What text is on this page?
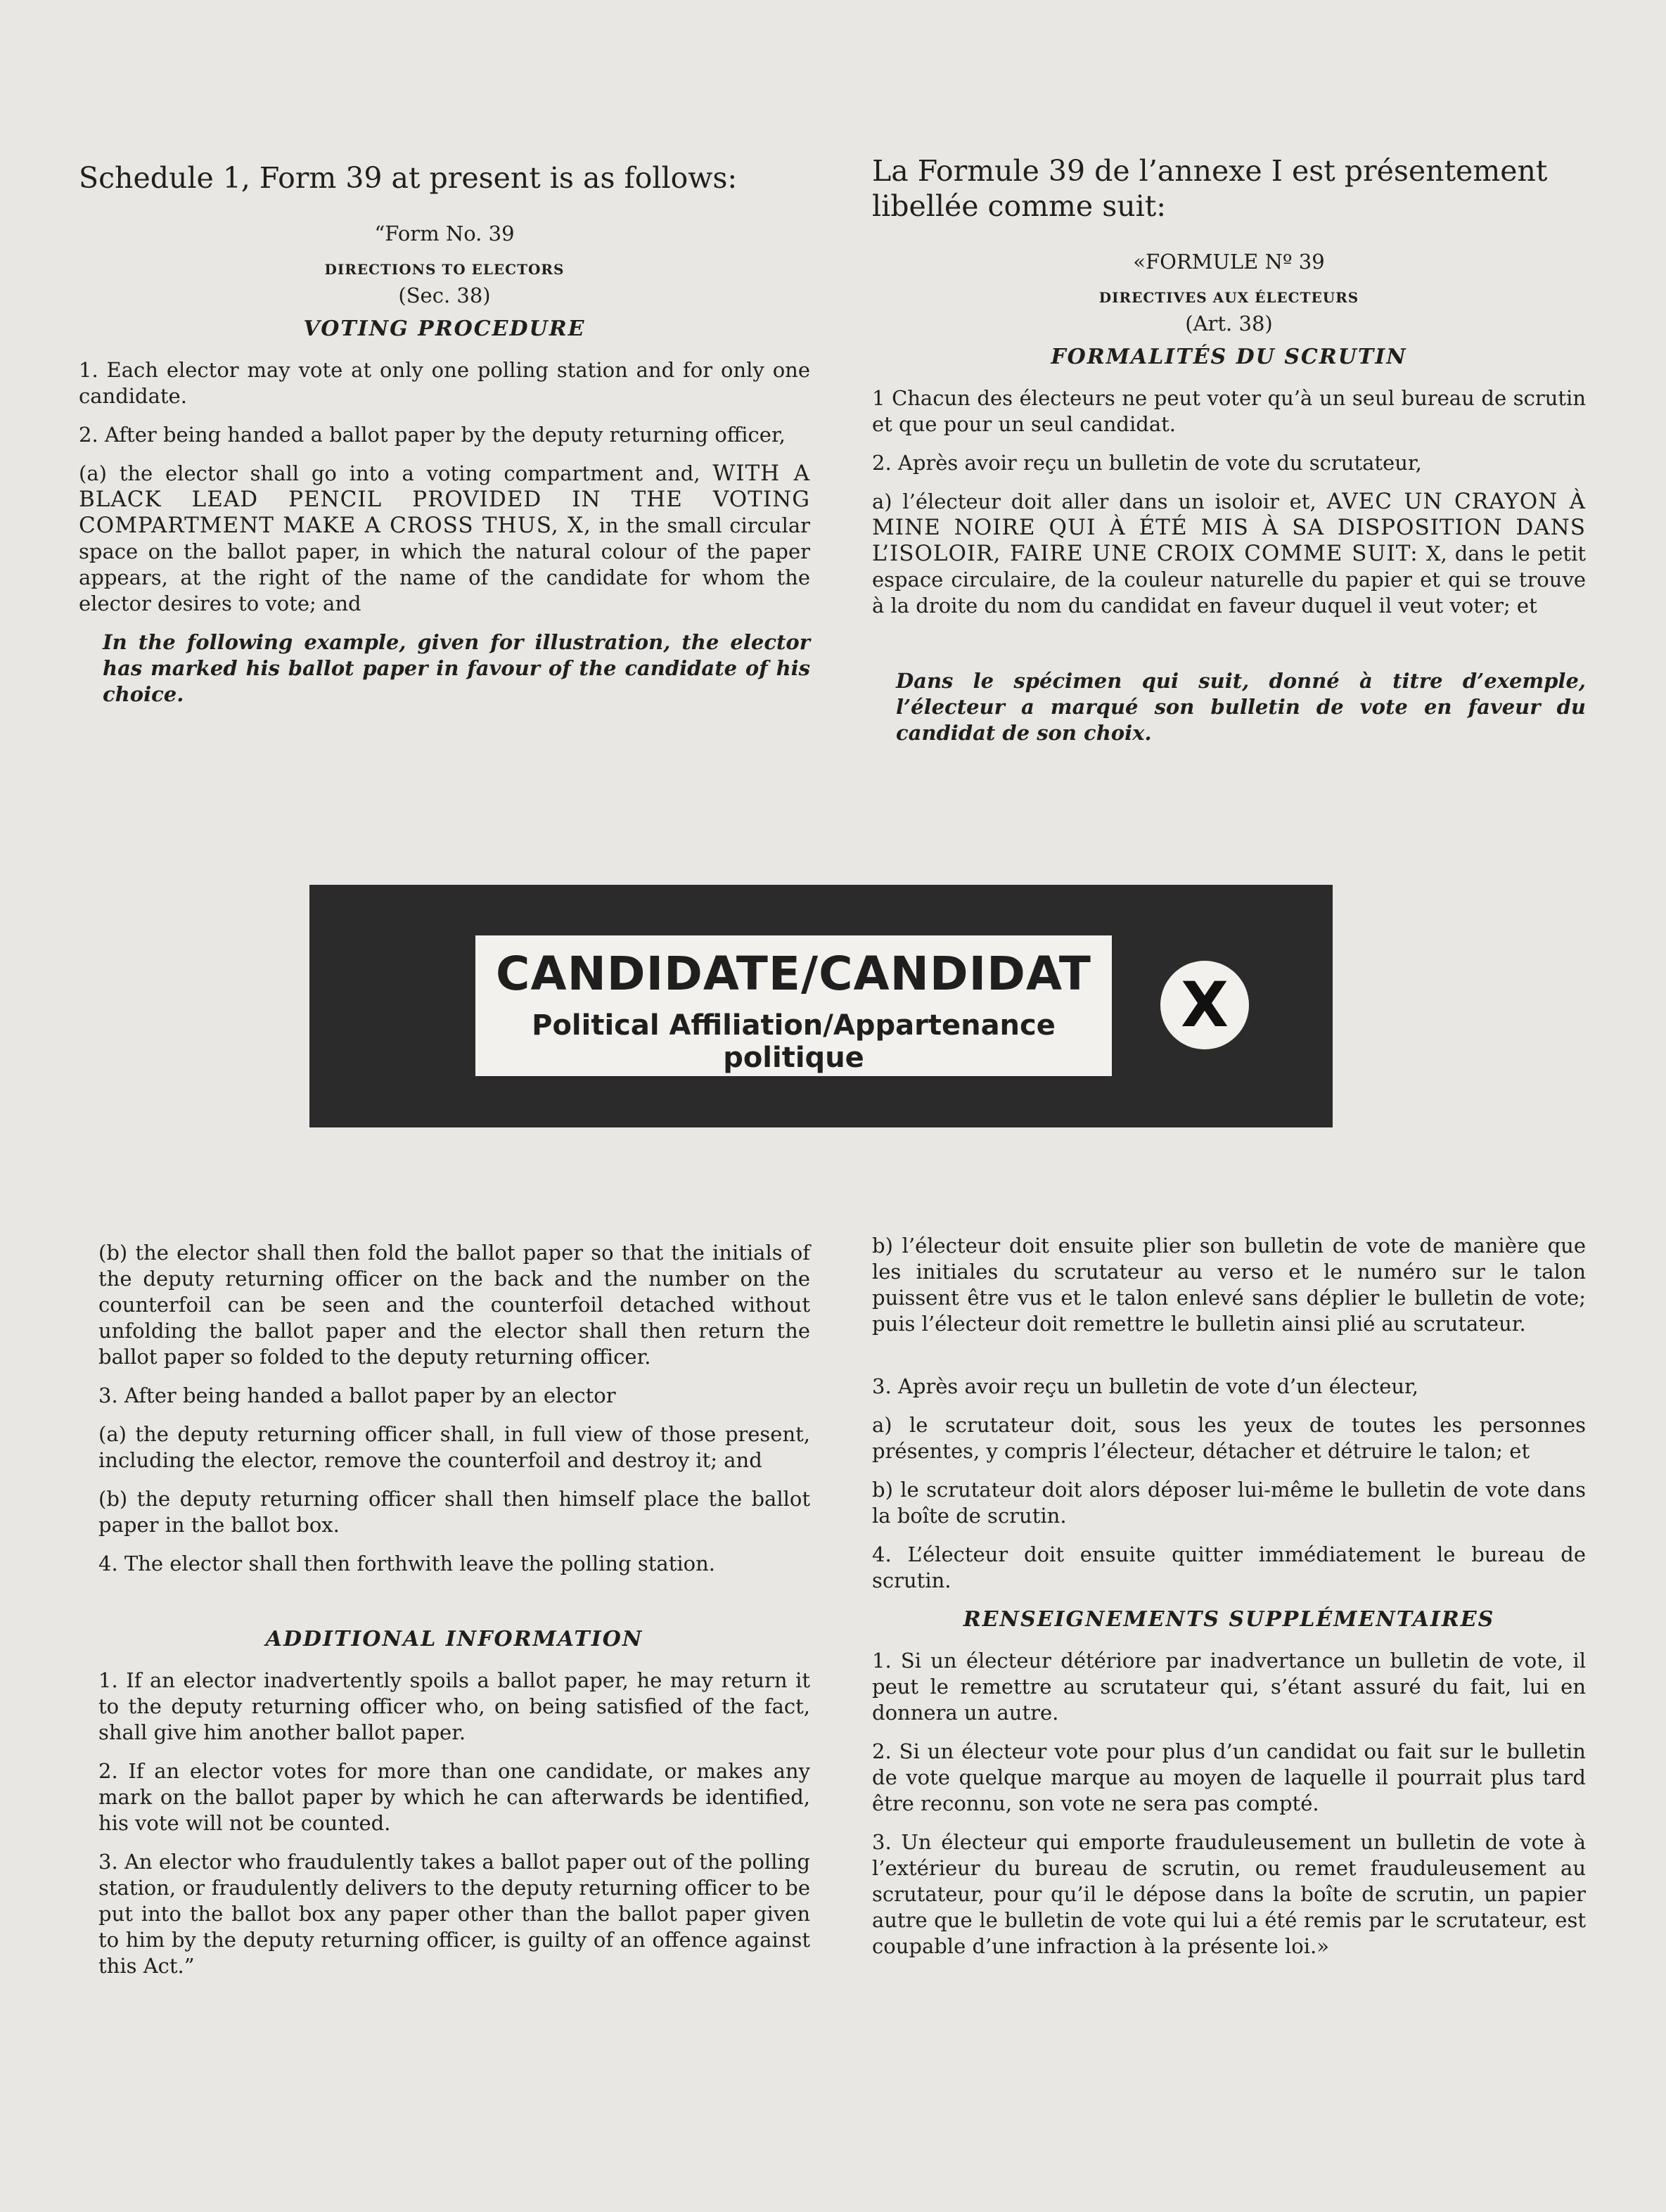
Schedule 1, Form 39 at present is as follows:

“Form No. 39

DIRECTIONS TO ELECTORS

(Sec. 38)

VOTING PROCEDURE

1. Each elector may vote at only one polling station and for only one candidate.

2. After being handed a ballot paper by the deputy returning officer,

(a) the elector shall go into a voting compartment and, WITH A BLACK LEAD PENCIL PROVIDED IN THE VOTING COMPARTMENT MAKE A CROSS THUS, X, in the small circular space on the ballot paper, in which the natural colour of the paper appears, at the right of the name of the candidate for whom the elector desires to vote; and

In the following example, given for illustration, the elector has marked his ballot paper in favour of the candidate of his choice.

La Formule 39 de l’annexe I est présentement libellée comme suit:

«FORMULE Nº 39

DIRECTIVES AUX ÉLECTEURS

(Art. 38)

FORMALITÉS DU SCRUTIN

1 Chacun des électeurs ne peut voter qu’à un seul bureau de scrutin et que pour un seul candidat.

2. Après avoir reçu un bulletin de vote du scrutateur,

a) l’électeur doit aller dans un isoloir et, AVEC UN CRAYON À MINE NOIRE QUI À ÉTÉ MIS À SA DISPOSITION DANS L’ISOLOIR, FAIRE UNE CROIX COMME SUIT: X, dans le petit espace circulaire, de la couleur naturelle du papier et qui se trouve à la droite du nom du candidat en faveur duquel il veut voter; et

Dans le spécimen qui suit, donné à titre d’exemple, l’électeur a marqué son bulletin de vote en faveur du candidat de son choix.

CANDIDATE/CANDIDAT
Political Affiliation/Appartenance politique
X

(b) the elector shall then fold the ballot paper so that the initials of the deputy returning officer on the back and the number on the counterfoil can be seen and the counterfoil detached without unfolding the ballot paper and the elector shall then return the ballot paper so folded to the deputy returning officer.

3. After being handed a ballot paper by an elector

(a) the deputy returning officer shall, in full view of those present, including the elector, remove the counterfoil and destroy it; and

(b) the deputy returning officer shall then himself place the ballot paper in the ballot box.

4. The elector shall then forthwith leave the polling station.

ADDITIONAL INFORMATION

1. If an elector inadvertently spoils a ballot paper, he may return it to the deputy returning officer who, on being satisfied of the fact, shall give him another ballot paper.

2. If an elector votes for more than one candidate, or makes any mark on the ballot paper by which he can afterwards be identified, his vote will not be counted.

3. An elector who fraudulently takes a ballot paper out of the polling station, or fraudulently delivers to the deputy returning officer to be put into the ballot box any paper other than the ballot paper given to him by the deputy returning officer, is guilty of an offence against this Act.”

b) l’électeur doit ensuite plier son bulletin de vote de manière que les initiales du scrutateur au verso et le numéro sur le talon puissent être vus et le talon enlevé sans déplier le bulletin de vote; puis l’électeur doit remettre le bulletin ainsi plié au scrutateur.

3. Après avoir reçu un bulletin de vote d’un électeur,

a) le scrutateur doit, sous les yeux de toutes les personnes présentes, y compris l’électeur, détacher et détruire le talon; et

b) le scrutateur doit alors déposer lui-même le bulletin de vote dans la boîte de scrutin.

4. L’électeur doit ensuite quitter immédiatement le bureau de scrutin.

RENSEIGNEMENTS SUPPLÉMENTAIRES

1. Si un électeur détériore par inadvertance un bulletin de vote, il peut le remettre au scrutateur qui, s’étant assuré du fait, lui en donnera un autre.

2. Si un électeur vote pour plus d’un candidat ou fait sur le bulletin de vote quelque marque au moyen de laquelle il pourrait plus tard être reconnu, son vote ne sera pas compté.

3. Un électeur qui emporte frauduleusement un bulletin de vote à l’extérieur du bureau de scrutin, ou remet frauduleusement au scrutateur, pour qu’il le dépose dans la boîte de scrutin, un papier autre que le bulletin de vote qui lui a été remis par le scrutateur, est coupable d’une infraction à la présente loi.»
